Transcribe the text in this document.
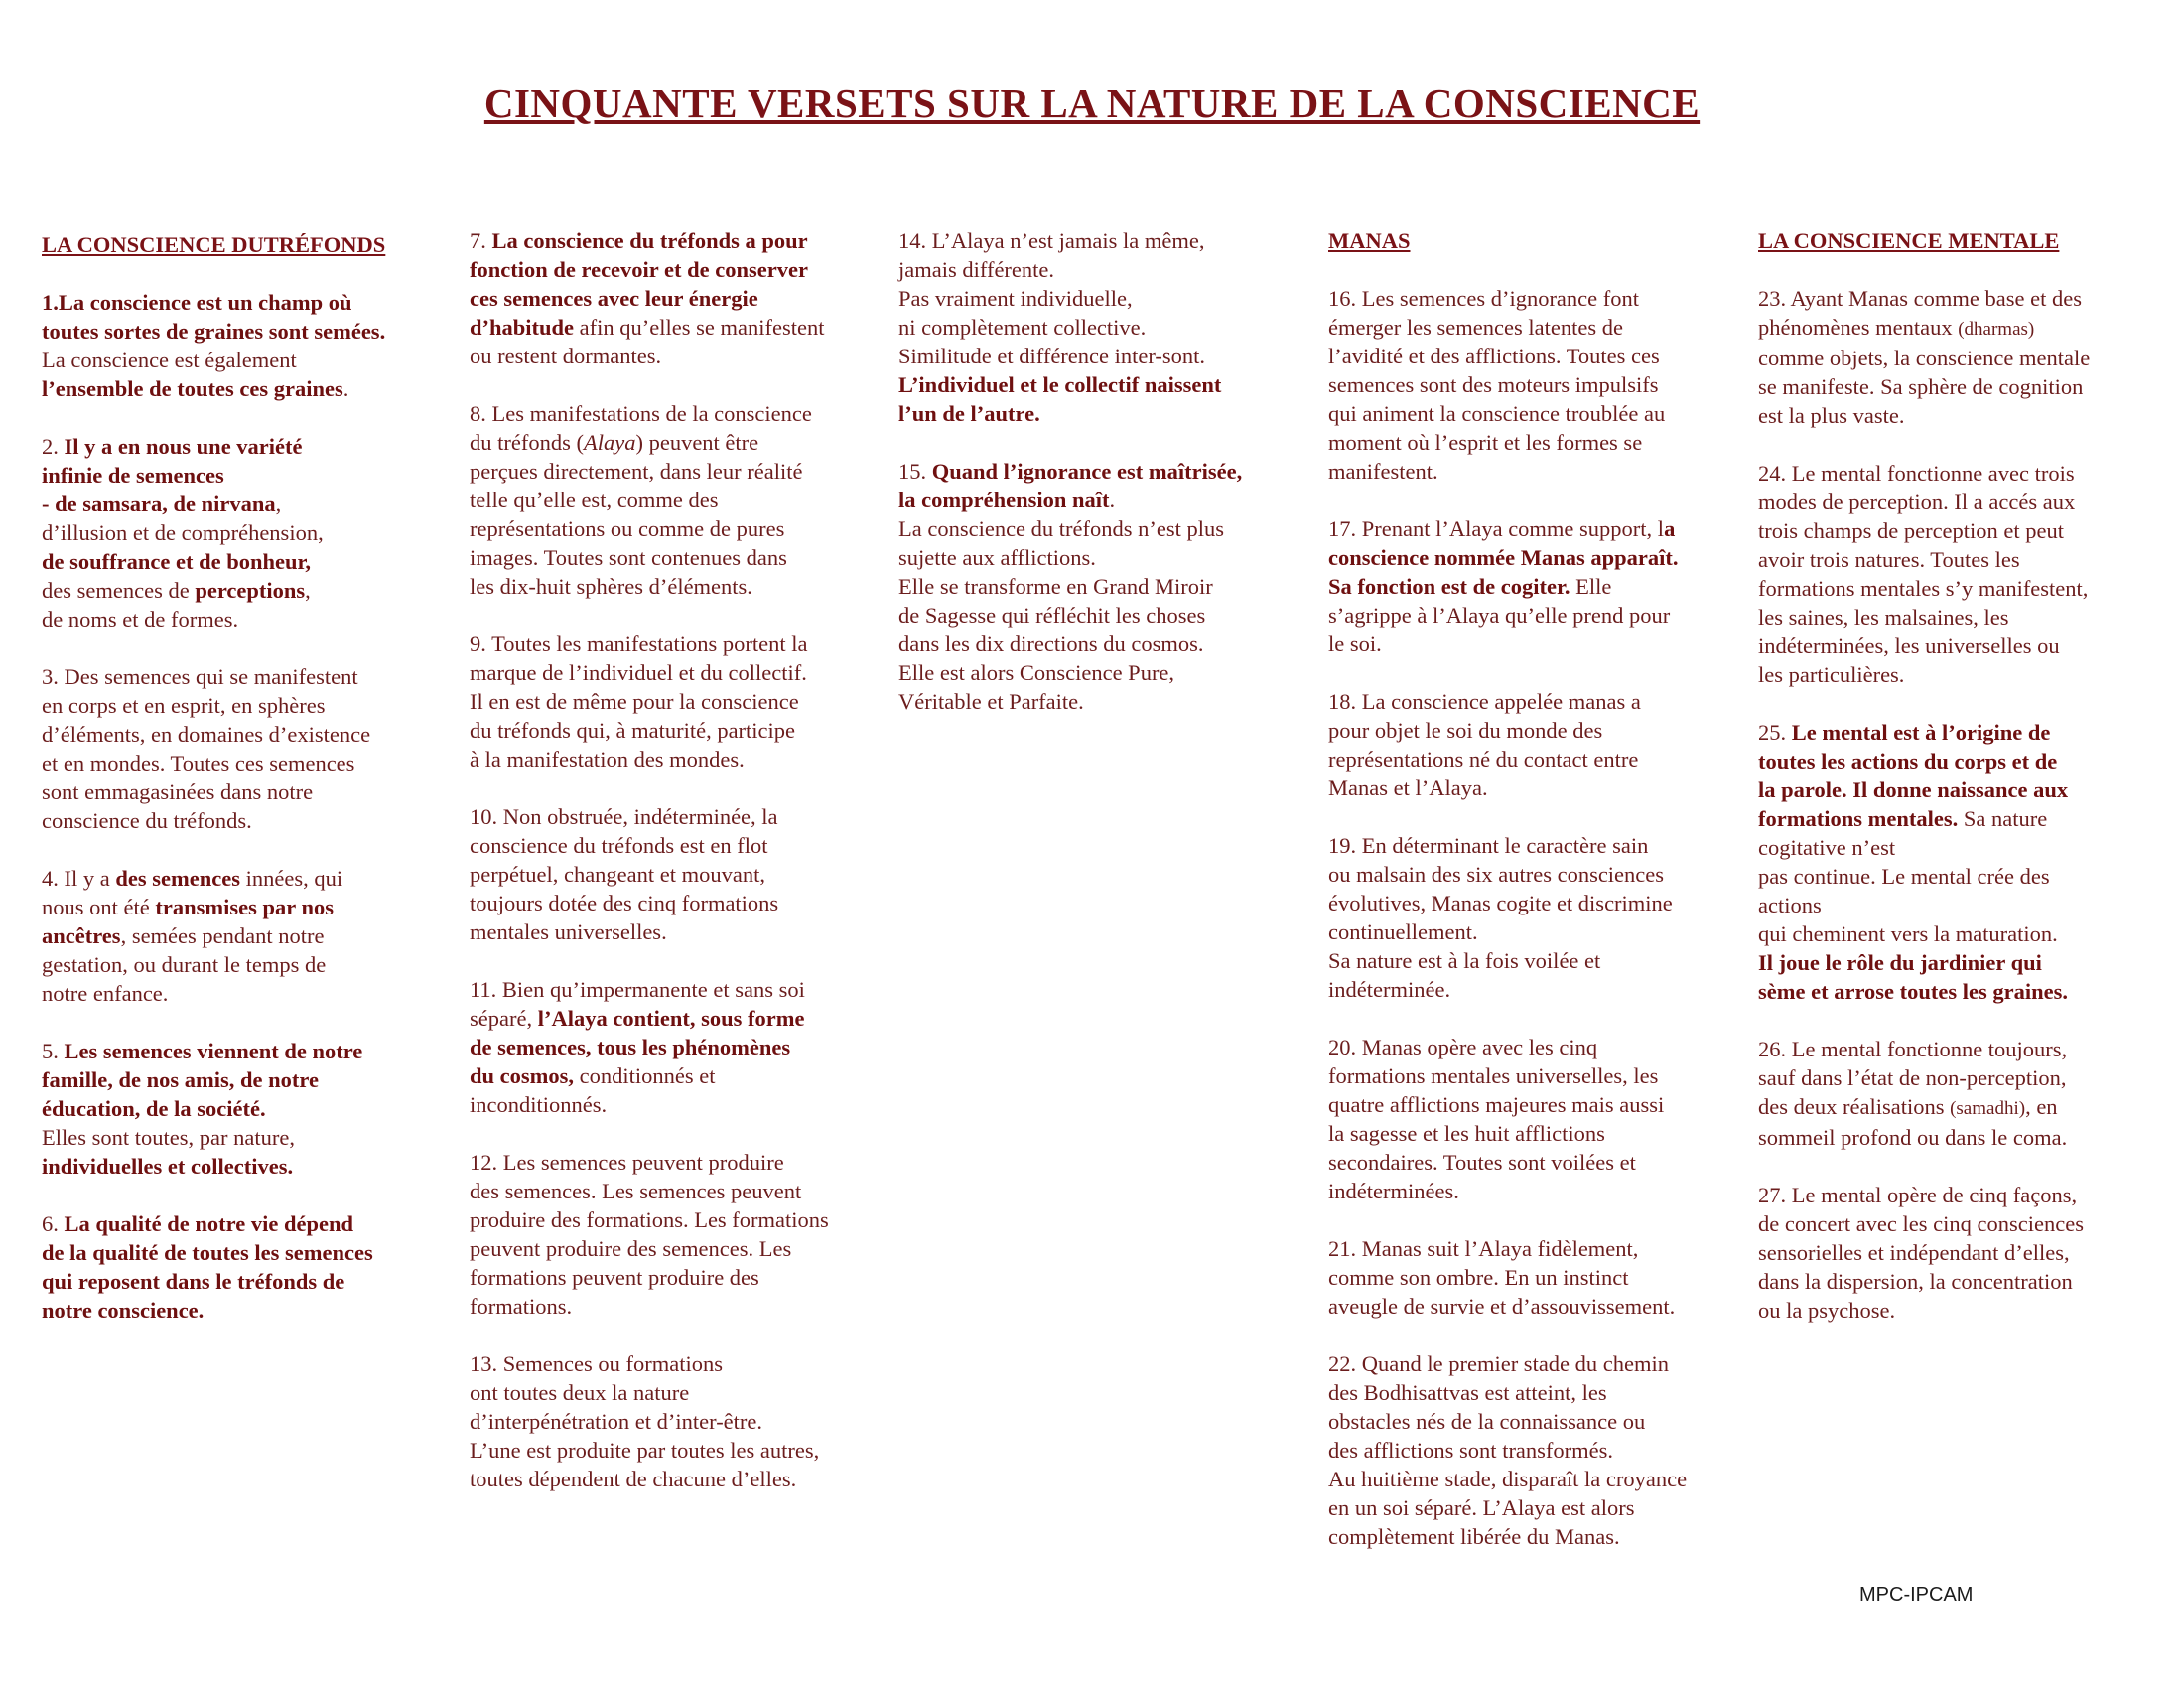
CINQUANTE VERSETS SUR LA NATURE DE LA CONSCIENCE
LA CONSCIENCE DUTRÉFONDS
1.La conscience est un champ où
toutes sortes de graines sont semées.
La conscience est également
l’ensemble de toutes ces graines.
2. Il y a en nous une variété
infinie de semences
- de samsara, de nirvana,
d’illusion et de compréhension,
de souffrance et de bonheur,
des semences de perceptions,
de noms et de formes.
3. Des semences qui se manifestent
en corps et en esprit, en sphères
d’éléments, en domaines d’existence
et en mondes. Toutes ces semences
sont emmagasinées dans notre
conscience du tréfonds.
4. Il y a des semences innées, qui
nous ont été transmises par nos
ancêtres, semées pendant notre
gestation, ou durant le temps de
notre enfance.
5. Les semences viennent de notre
famille, de nos amis, de notre
éducation, de la société.
Elles sont toutes, par nature,
individuelles et collectives.
6. La qualité de notre vie dépend
de la qualité de toutes les semences
qui reposent dans le tréfonds de
notre conscience.
7. La conscience du tréfonds a pour
fonction de recevoir et de conserver
ces semences avec leur énergie
d’habitude afin qu’elles se manifestent
ou restent dormantes.
8. Les manifestations de la conscience
du tréfonds (Alaya) peuvent être
perçues directement, dans leur réalité
telle qu’elle est, comme des
représentations ou comme de pures
images. Toutes sont contenues dans
les dix-huit sphères d’éléments.
9. Toutes les manifestations portent la
marque de l’individuel et du collectif.
Il en est de même pour la conscience
du tréfonds qui, à maturité, participe
à la manifestation des mondes.
10. Non obstruée, indéterminée, la
conscience du tréfonds est en flot
perpétuel, changeant et mouvant,
toujours dotée des cinq formations
mentales universelles.
11. Bien qu’impermanente et sans soi
séparé, l’Alaya contient, sous forme
de semences, tous les phénomènes
du cosmos, conditionnés et
inconditionnés.
12. Les semences peuvent produire
des semences. Les semences peuvent
produire des formations. Les formations
peuvent produire des semences. Les
formations peuvent produire des
formations.
13. Semences ou formations
ont toutes deux la nature
d’interpénétration et d’inter-être.
L’une est produite par toutes les autres,
toutes dépendent de chacune d’elles.
14. L’Alaya n’est jamais la même,
jamais différente.
Pas vraiment individuelle,
ni complètement collective.
Similitude et différence inter-sont.
L’individuel et le collectif naissent
l’un de l’autre.
15. Quand l’ignorance est maîtrisée,
la compréhension naît.
La conscience du tréfonds n’est plus
sujette aux afflictions.
Elle se transforme en Grand Miroir
de Sagesse qui réfléchit les choses
dans les dix directions du cosmos.
Elle est alors Conscience Pure,
Véritable et Parfaite.
MANAS
16. Les semences d’ignorance font
émerger les semences latentes de
l’avidité et des afflictions. Toutes ces
semences sont des moteurs impulsifs
qui animent la conscience troublée au
moment où l’esprit et les formes se
manifestent.
17. Prenant l’Alaya comme support, la
conscience nommée Manas apparaît.
Sa fonction est de cogiter. Elle
s’agrippe à l’Alaya qu’elle prend pour
le soi.
18. La conscience appelée manas a
pour objet le soi du monde des
représentations né du contact entre
Manas et l’Alaya.
19. En déterminant le caractère sain
ou malsain des six autres consciences
évolutives, Manas cogite et discrimine
continuellement.
Sa nature est à la fois voilée et
indéterminée.
20. Manas opère avec les cinq
formations mentales universelles, les
quatre afflictions majeures mais aussi
la sagesse et les huit afflictions
secondaires. Toutes sont voilées et
indéterminées.
21. Manas suit l’Alaya fidèlement,
comme son ombre. En un instinct
aveugle de survie et d’assouvissement.
22. Quand le premier stade du chemin
des Bodhisattvas est atteint, les
obstacles nés de la connaissance ou
des afflictions sont transformés.
Au huitième stade, disparaît la croyance
en un soi séparé. L’Alaya est alors
complètement libérée du Manas.
LA CONSCIENCE MENTALE
23. Ayant Manas comme base et des
phénomènes mentaux (dharmas)
comme objets, la conscience mentale
se manifeste. Sa sphère de cognition
est la plus vaste.
24. Le mental fonctionne avec trois
modes de perception. Il a accés aux
trois champs de perception et peut
avoir trois natures. Toutes les
formations mentales s’y manifestent,
les saines, les malsaines, les
indéterminées, les universelles ou
les particulières.
25. Le mental est à l’origine de
toutes les actions du corps et de
la parole. Il donne naissance aux
formations mentales. Sa nature
cogitative n’est
pas continue. Le mental crée des
actions
qui cheminent vers la maturation.
Il joue le rôle du jardinier qui
sème et arrose toutes les graines.
26. Le mental fonctionne toujours,
sauf dans l’état de non-perception,
des deux réalisations (samadhi), en
sommeil profond ou dans le coma.
27. Le mental opère de cinq façons,
de concert avec les cinq consciences
sensorielles et indépendant d’elles,
dans la dispersion, la concentration
ou la psychose.
MPC-IPCAM
